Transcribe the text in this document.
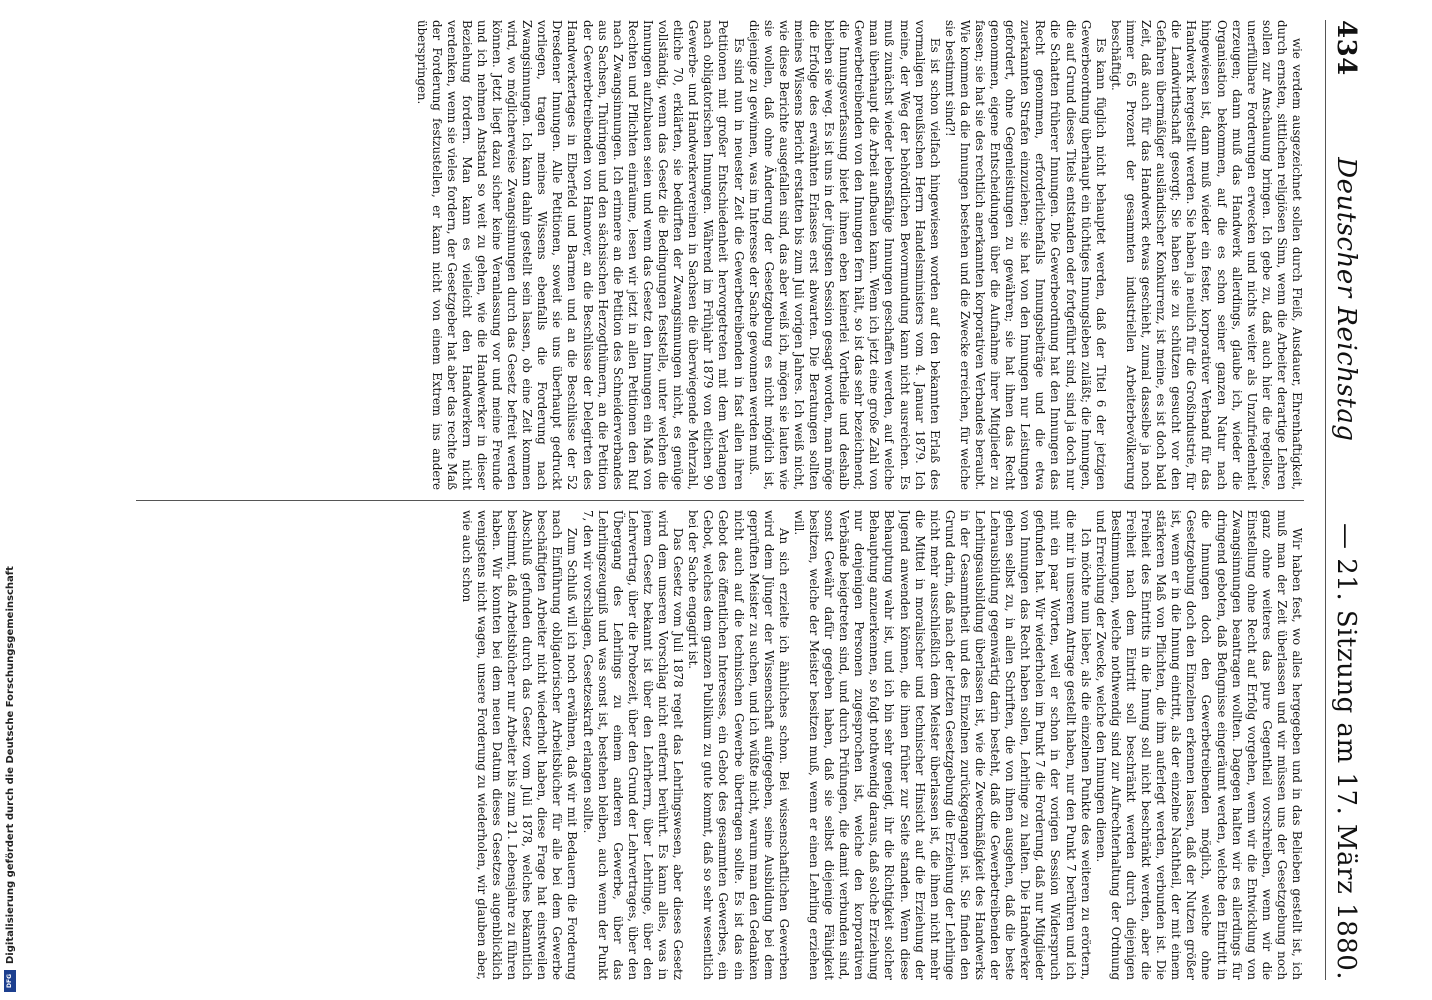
434
Deutscher Reichstag
— 21. Sitzung am 17. März 1880.

wie verdem ausgezeichnet sollen durch Fleiß, Ausdauer, Ehrenhaftigkeit, durch ernsten, sittlichen religiösen Sinn, wenn die Arbeiter derartige Lehren sollen zur Anschauung bringen. Ich gebe zu, daß auch hier die regellose, unerfüllbare Forderungen erwecken und nichts weiter als Unzufriedenheit erzeugen; dann muß das Handwerk allerdings, glaube ich, wieder die Organisation bekommen, auf die es schon seiner ganzen Natur nach hingewiesen ist, dann muß wieder ein fester, korporativer Verband für das Handwerk hergestellt werden. Sie haben ja neulich für die Großindustrie, für die Landwirthschaft gesorgt; Sie haben sie zu schützen gesucht vor den Gefahren übermäßiger ausländischer Konkurrenz, ist meine, es ist doch bald Zeit, daß auch für das Handwerk etwas geschieht, zumal dasselbe ja noch immer 65 Prozent der gesammten industriellen Arbeiterbevölkerung beschäftigt.

Es kann füglich nicht behauptet werden, daß der Titel 6 der jetzigen Gewerbeordnung überhaupt ein tüchtiges Innungsleben zuläßt; die Innungen, die auf Grund dieses Titels entstanden oder fortgeführt sind, sind ja doch nur die Schatten früherer Innungen. Die Gewerbeordnung hat den Innungen das Recht genommen, erforderlichenfalls Innungsbeiträge und die etwa zuerkannten Strafen einzuziehen; sie hat von den Innungen nur Leistungen gefordert, ohne Gegenleistungen zu gewähren; sie hat ihnen das Recht genommen, eigene Entscheidungen über die Aufnahme ihrer Mitglieder zu fassen; sie hat sie des rechtlich anerkannten korporativen Verbandes beraubt. Wie kommen da die Innungen bestehen und die Zwecke erreichen, für welche sie bestimmt sind?!

Es ist schon vielfach hingewiesen worden auf den bekannten Erlaß des vormaligen preußischen Herrn Handelsministers vom 4. Januar 1879. Ich meine, der Weg der behördlichen Bevormundung kann nicht ausreichen. Es muß zunächst wieder lebensfähige Innungen geschaffen werden, auf welche man überhaupt die Arbeit aufbauen kann. Wenn ich jetzt eine große Zahl von Gewerbetreibenden von den Innungen fern hält, so ist das sehr bezeichnend; die Innungsverfassung bietet ihnen eben keinerlei Vortheile und deshalb bleiben sie weg. Es ist uns in der jüngsten Session gesagt worden, man möge die Erfolge des erwähnten Erlasses erst abwarten. Die Beratungen sollten meines Wissens Bericht erstatten bis zum Juli vorigen Jahres. Ich weiß nicht, wie diese Berichte ausgefallen sind, das aber weiß ich, mögen sie lauten wie sie wollen, daß ohne Änderung der Gesetzgebung es nicht möglich ist, diejenige zu gewinnen, was im Interesse der Sache gewonnen werden muß.

Es sind nun in neuester Zeit die Gewerbetreibenden in fast allen ihren Petitionen mit großer Entschiedenheit hervorgetreten mit dem Verlangen nach obligatorischen Innungen. Während im Frühjahr 1879 von etlichen 90 Gewerbe- und Handwerkervereinen in Sachsen die überwiegende Mehrzahl, etliche 70, erklärten, sie bedürften der Zwangsinnungen nicht, es genüge vollständig, wenn das Gesetz die Bedingungen feststelle, unter welchen die Innungen aufzubauen seien und wenn das Gesetz den Innungen ein Maß von Rechten und Pflichten einräume, lesen wir jetzt in allen Petitionen den Ruf nach Zwangsinnungen. Ich erinnere an die Petition des Schneiderverbandes aus Sachsen, Thüringen und den sächsischen Herzogthümern, an die Petition der Gewerbetreibenden von Hannover, an die Beschlüsse der Delegirten des Handwerkertages in Elberfeld und Barmen und an die Beschlüsse der 52 Dresdener Innungen. Alle Petitionen, soweit sie uns überhaupt gedruckt vorliegen, tragen meines Wissens ebenfalls die Forderung nach Zwangsinnungen. Ich kann dahin gestellt sein lassen, ob eine Zeit kommen wird, wo möglicherweise Zwangsinnungen durch das Gesetz befreit werden können. Jetzt liegt dazu sicher keine Veranlassung vor und meine Freunde und ich nehmen Anstand so weit zu gehen, wie die Handwerker in dieser Beziehung fordern. Man kann es vielleicht den Handwerkern nicht verdenken, wenn sie vieles fordern, der Gesetzgeber hat aber das rechte Maß der Forderung festzustellen, er kann nicht von einem Extrem ins andere überspringen.

Wir haben fest, wo alles hergegeben und in das Belieben gestellt ist, ich muß man der Zeit überlassen und wir müssen uns der Gesetzgebung noch ganz ohne weiteres das pure Gegentheil vorschreiben, wenn wir die Einstellung ohne Recht auf Erfolg vorgehen, wenn wir die Entwicklung von Zwangsinnungen beantragen wollten. Dagegen halten wir es allerdings für dringend geboten, daß Befugnisse eingeräumt werden, welche den Eintritt in die Innungen doch den Gewerbetreibenden möglich, welche ohne Gesetzgebung doch den Einzelnen erkennen lassen, daß der Nutzen größer ist, wenn er in die Innung eintritt, als der einzelne Nachtheil, der mit einem stärkeren Maß von Pflichten, die ihm auferlegt werden, verbunden ist. Die Freiheit des Eintritts in die Innung soll nicht beschränkt werden, aber die Freiheit nach dem Eintritt soll beschränkt werden durch diejenigen Bestimmungen, welche nothwendig sind zur Aufrechterhaltung der Ordnung und Erreichung der Zwecke, welche den Innungen dienen.

Ich möchte nun lieber, als die einzelnen Punkte des weiteren zu erörtern, die mir in unserem Antrage gestellt haben, nur den Punkt 7 berühren und ich mit ein paar Worten, weil er schon in der vorigen Session Widerspruch gefunden hat. Wir wiederholen im Punkt 7 die Forderung, daß nur Mitglieder von Innungen das Recht haben sollen, Lehrlinge zu halten. Die Handwerker gehen selbst zu, in allen Schriften, die von ihnen ausgehen, daß die beste Lehrausbildung gegenwärtig darin besteht, daß die Gewerbetreibenden der Lehrlingsausbildung überlassen ist, wie die Zweckmäßigkeit des Handwerks in der Gesammtheit und des Einzelnen zurückgegangen ist. Sie finden den Grund darin, daß nach der letzten Gesetzgebung die Erziehung der Lehrlinge nicht mehr ausschließlich dem Meister überlassen ist, die ihnen nicht mehr die Mittel in moralischer und technischer Hinsicht auf die Erziehung der Jugend anwenden können, die ihnen früher zur Seite standen. Wenn diese Behauptung wahr ist, und ich bin sehr geneigt, ihr die Richtigkeit solcher Behauptung anzuerkennen, so folgt nothwendig daraus, daß solche Erziehung nur denjenigen Personen zugesprochen ist, welche den korporativen Verbände beigetreten sind, und durch Prüfungen, die damit verbunden sind, sonst Gewähr dafür gegeben haben, daß sie selbst diejenige Fähigkeit besitzen, welche der Meister besitzen muß, wenn er einen Lehrling erziehen will.

An sich erzielte ich ähnliches schon. Bei wissenschaftlichen Gewerben wird dem Jünger der Wissenschaft aufgegeben, seine Ausbildung bei dem geprüften Meister zu suchen, und ich wüßte nicht, warum man den Gedanken nicht auch auf die technischen Gewerbe übertragen sollte. Es ist das ein Gebot des öffentlichen Interesses, ein Gebot des gesammten Gewerbes, ein Gebot, welches dem ganzen Publikum zu gute kommt, daß so sehr wesentlich bei der Sache engagirt ist.

Das Gesetz vom Juli 1878 regelt das Lehrlingswesen, aber dieses Gesetz wird dem unseren Vorschlag nicht entfernt berührt. Es kann alles, was in jenem Gesetz bekannt ist über den Lehrherrn, über Lehrlinge, über den Lehrvertrag, über die Probezeit, über den Grund der Lehrvertrages, über den Übergang des Lehrlings zu einem anderen Gewerbe, über das Lehrlingszeugniß und was sonst ist, bestehen bleiben, auch wenn der Punkt 7, den wir vorschlagen, Gesetzeskraft erlangen sollte.

Zum Schluß will ich noch erwähnen, daß wir mit Bedauern die Forderung nach Einführung obligatorischer Arbeitsbücher für alle bei dem Gewerbe beschäftigten Arbeiter nicht wiederholt haben, diese Frage hat einstweilen Abschluß gefunden durch das Gesetz vom Juli 1878, welches bekanntlich bestimmt, daß Arbeitsbücher nur Arbeiter bis zum 21. Lebensjahre zu führen haben. Wir konnten bei dem neuen Datum dieses Gesetzes augenblicklich wenigstens nicht wagen, unsere Forderung zu wiederholen, wir glauben aber, wie auch schon

Digitalisierung gefördert durch die Deutsche Forschungsgemeinschaft
DFG
